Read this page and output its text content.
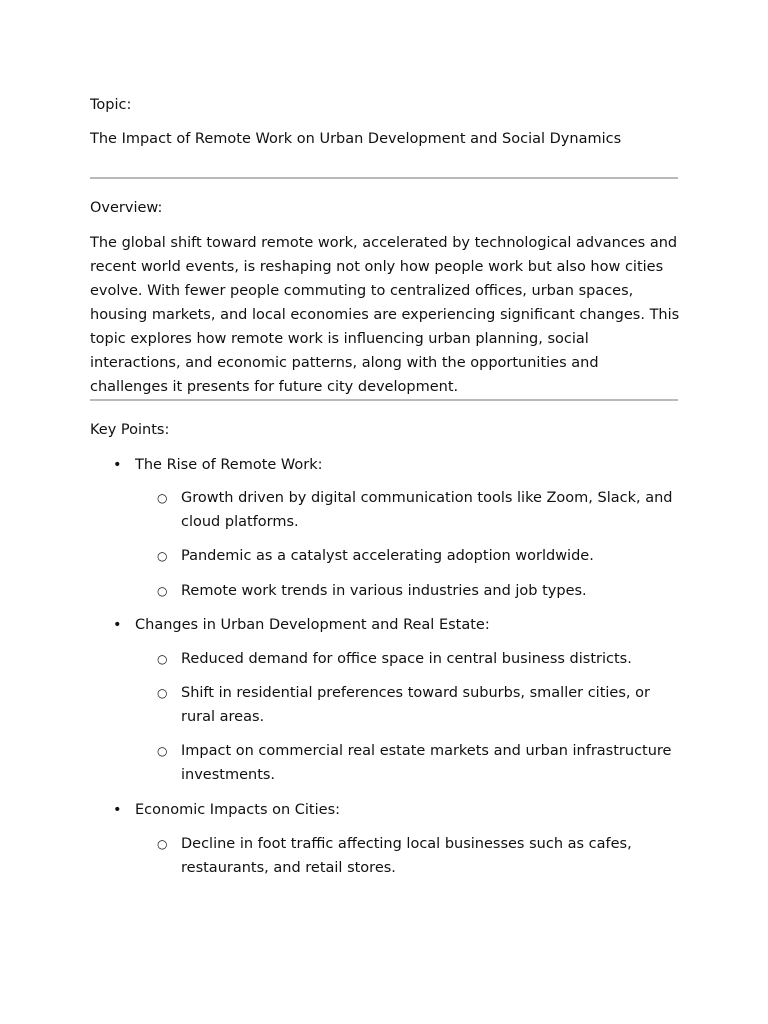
Topic:
The Impact of Remote Work on Urban Development and Social Dynamics
Overview:

The global shift toward remote work, accelerated by technological advances and recent world events, is reshaping not only how people work but also how cities evolve. With fewer people commuting to centralized offices, urban spaces, housing markets, and local economies are experiencing significant changes. This topic explores how remote work is influencing urban planning, social interactions, and economic patterns, along with the opportunities and challenges it presents for future city development.

Key Points:
• The Rise of Remote Work:
○ Growth driven by digital communication tools like Zoom, Slack, and cloud platforms.
○ Pandemic as a catalyst accelerating adoption worldwide.
○ Remote work trends in various industries and job types.
• Changes in Urban Development and Real Estate:
○ Reduced demand for office space in central business districts.
○ Shift in residential preferences toward suburbs, smaller cities, or rural areas.
○ Impact on commercial real estate markets and urban infrastructure investments.
• Economic Impacts on Cities:
○ Decline in foot traffic affecting local businesses such as cafes, restaurants, and retail stores.
